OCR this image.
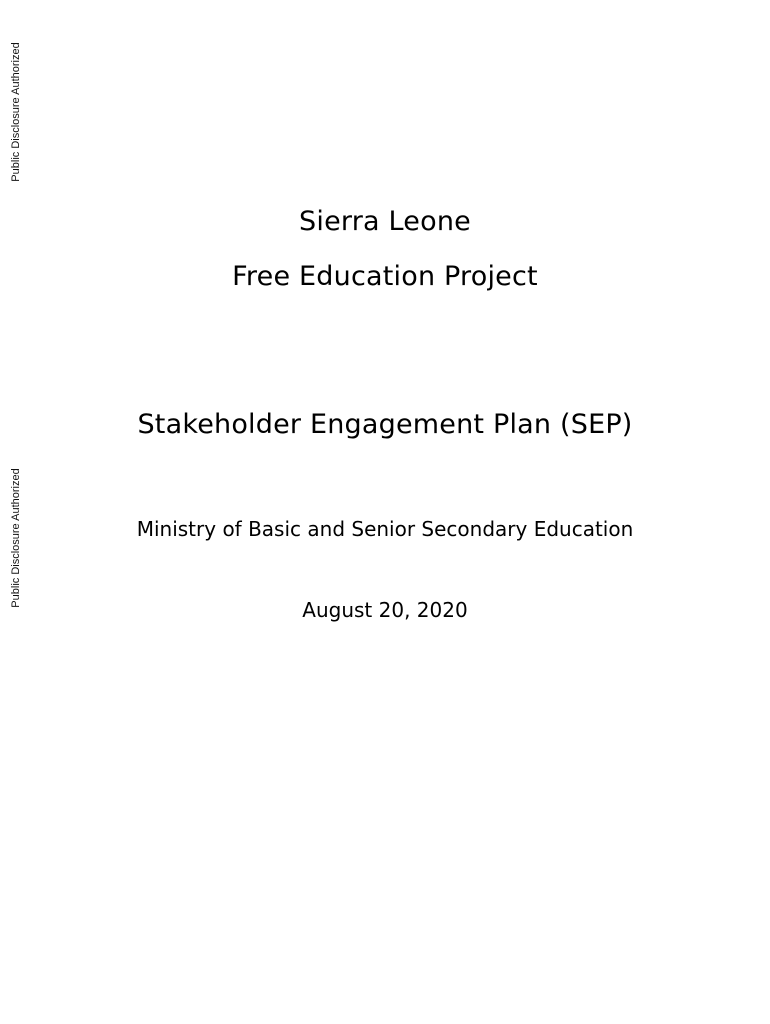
Public Disclosure Authorized
Public Disclosure Authorized
Sierra Leone
Free Education Project
Stakeholder Engagement Plan (SEP)
Ministry of Basic and Senior Secondary Education
August 20, 2020
